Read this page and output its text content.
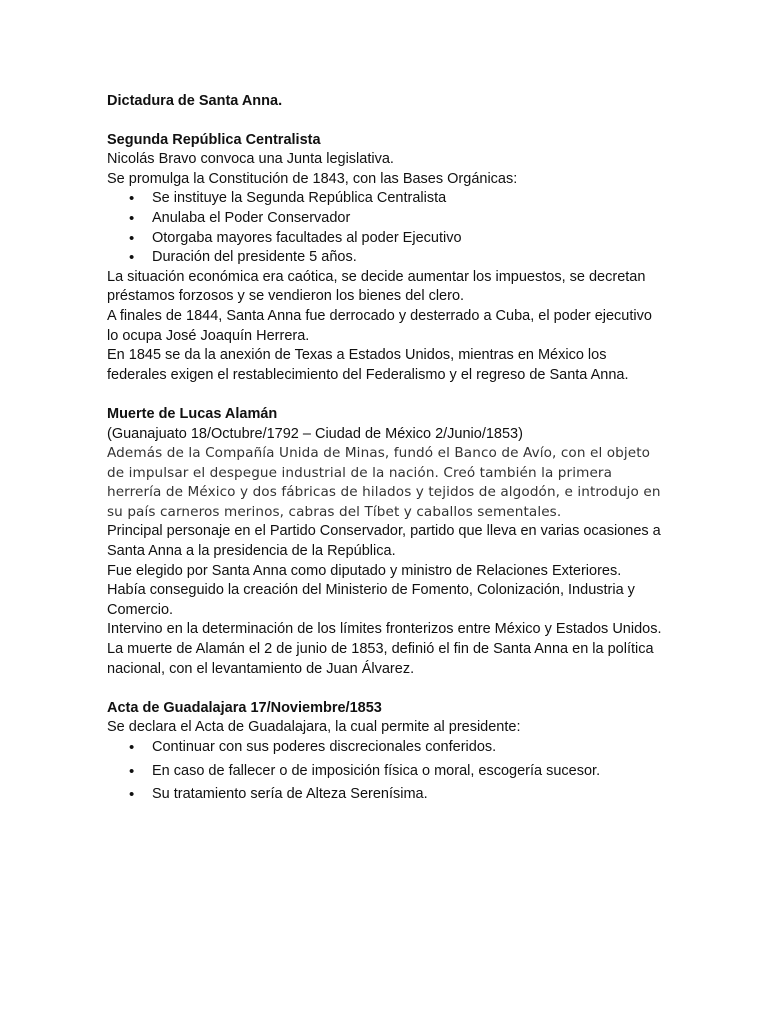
Dictadura de Santa Anna.

Segunda República Centralista

Nicolás Bravo convoca una Junta legislativa.

Se promulga la Constitución de 1843, con las Bases Orgánicas:

• Se instituye la Segunda República Centralista
• Anulaba el Poder Conservador
• Otorgaba mayores facultades al poder Ejecutivo
• Duración del presidente 5 años.

La situación económica era caótica, se decide aumentar los impuestos, se decretan préstamos forzosos y se vendieron los bienes del clero.

A finales de 1844, Santa Anna fue derrocado y desterrado a Cuba, el poder ejecutivo lo ocupa José Joaquín Herrera.

En 1845 se da la anexión de Texas a Estados Unidos, mientras en México los federales exigen el restablecimiento del Federalismo y el regreso de Santa Anna.

Muerte de Lucas Alamán

(Guanajuato 18/Octubre/1792 – Ciudad de México 2/Junio/1853)

Además de la Compañía Unida de Minas, fundó el Banco de Avío, con el objeto de impulsar el despegue industrial de la nación. Creó también la primera herrería de México y dos fábricas de hilados y tejidos de algodón, e introdujo en su país carneros merinos, cabras del Tíbet y caballos sementales.

Principal personaje en el Partido Conservador, partido que lleva en varias ocasiones a Santa Anna a la presidencia de la República.

Fue elegido por Santa Anna como diputado y ministro de Relaciones Exteriores.

Había conseguido la creación del Ministerio de Fomento, Colonización, Industria y Comercio.

Intervino en la determinación de los límites fronterizos entre México y Estados Unidos.

La muerte de Alamán el 2 de junio de 1853, definió el fin de Santa Anna en la política nacional, con el levantamiento de Juan Álvarez.

Acta de Guadalajara 17/Noviembre/1853

Se declara el Acta de Guadalajara, la cual permite al presidente:

• Continuar con sus poderes discrecionales conferidos.
• En caso de fallecer o de imposición física o moral, escogería sucesor.
• Su tratamiento sería de Alteza Serenísima.
